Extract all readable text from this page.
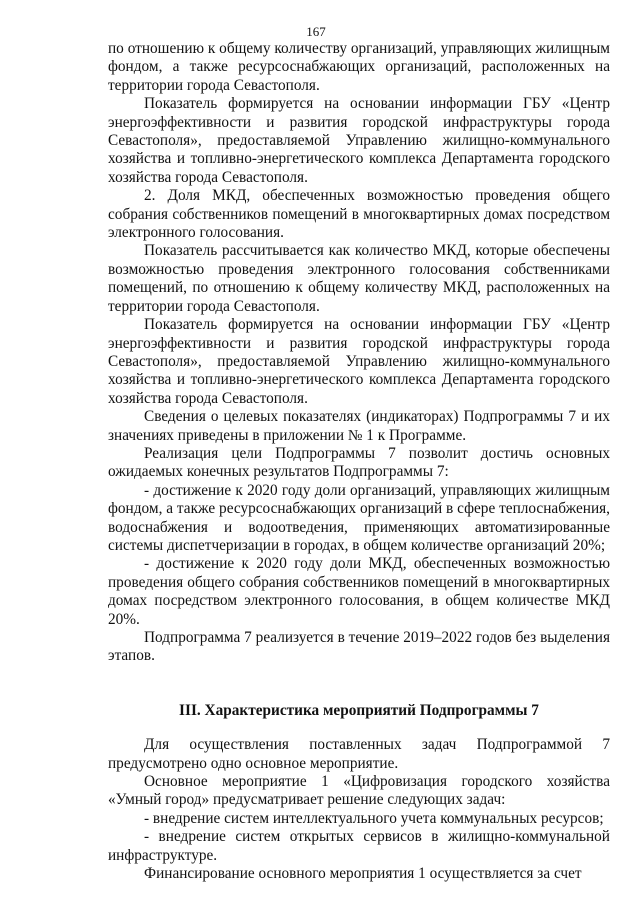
167

по отношению к общему количеству организаций, управляющих жилищным фондом, а также ресурсоснабжающих организаций, расположенных на территории города Севастополя.

Показатель формируется на основании информации ГБУ «Центр энергоэффективности и развития городской инфраструктуры города Севастополя», предоставляемой Управлению жилищно-коммунального хозяйства и топливно-энергетического комплекса Департамента городского хозяйства города Севастополя.

2. Доля МКД, обеспеченных возможностью проведения общего собрания собственников помещений в многоквартирных домах посредством электронного голосования.

Показатель рассчитывается как количество МКД, которые обеспечены возможностью проведения электронного голосования собственниками помещений, по отношению к общему количеству МКД, расположенных на территории города Севастополя.

Показатель формируется на основании информации ГБУ «Центр энергоэффективности и развития городской инфраструктуры города Севастополя», предоставляемой Управлению жилищно-коммунального хозяйства и топливно-энергетического комплекса Департамента городского хозяйства города Севастополя.

Сведения о целевых показателях (индикаторах) Подпрограммы 7 и их значениях приведены в приложении № 1 к Программе.

Реализация цели Подпрограммы 7 позволит достичь основных ожидаемых конечных результатов Подпрограммы 7:

- достижение к 2020 году доли организаций, управляющих жилищным фондом, а также ресурсоснабжающих организаций в сфере теплоснабжения, водоснабжения и водоотведения, применяющих автоматизированные системы диспетчеризации в городах, в общем количестве организаций 20%;

- достижение к 2020 году доли МКД, обеспеченных возможностью проведения общего собрания собственников помещений в многоквартирных домах посредством электронного голосования, в общем количестве МКД 20%.

Подпрограмма 7 реализуется в течение 2019–2022 годов без выделения этапов.

III. Характеристика мероприятий Подпрограммы 7

Для осуществления поставленных задач Подпрограммой 7 предусмотрено одно основное мероприятие.

Основное мероприятие 1 «Цифровизация городского хозяйства «Умный город» предусматривает решение следующих задач:

- внедрение систем интеллектуального учета коммунальных ресурсов;

- внедрение систем открытых сервисов в жилищно-коммунальной инфраструктуре.

Финансирование основного мероприятия 1 осуществляется за счет
